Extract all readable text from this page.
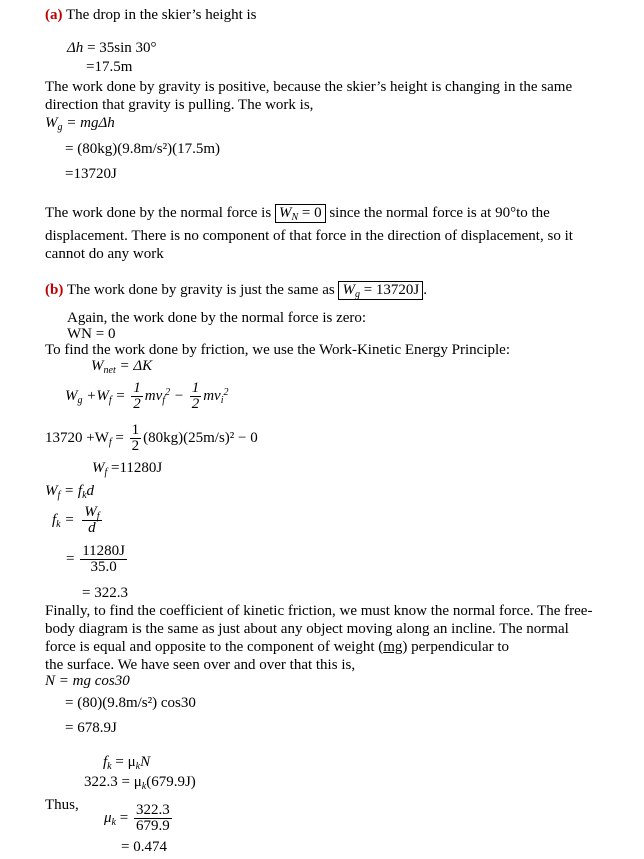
(a) The drop in the skier’s height is
Δh = 35sin 30°
=17.5m
The work done by gravity is positive, because the skier’s height is changing in the same
direction that gravity is pulling. The work is,
$W_g = mg\Delta h$
= (80kg)(9.8m/s²)(17.5m)
=13720J
The work done by the normal force is $W_N = 0$ since the normal force is at 90°to the
displacement. There is no component of that force in the direction of displacement, so it
cannot do any work
(b) The work done by gravity is just the same as $W_g = 13720J$ .
Again, the work done by the normal force is zero:
WN = 0
To find the work done by friction, we use the Work-Kinetic Energy Principle:
$W_{net} = \Delta K$
$W_g +W_f = \frac{1}{2} mv_f^2 - \frac{1}{2} mv_i^2$
$13720 +W_f = \frac{1}{2} (80kg)(25m/s)^2 - 0$
$W_f =11280J$
$W_f = f_kd$
$f_k = \frac{W_f}{d}$
= $\frac{11280J}{35.0}$
= 322.3
Finally, to find the coefficient of kinetic friction, we must know the normal force. The free-
body diagram is the same as just about any object moving along an incline. The normal
force is equal and opposite to the component of weight (mg) perpendicular to
the surface. We have seen over and over that this is,
N = mg cos30
= (80)(9.8m/s²) cos30
= 678.9J
$f_k = \mu_kN$
$322.3 = \mu_k(679.9J)$
Thus,
$\mu_k = \frac{322.3}{679.9}$
= 0.474
